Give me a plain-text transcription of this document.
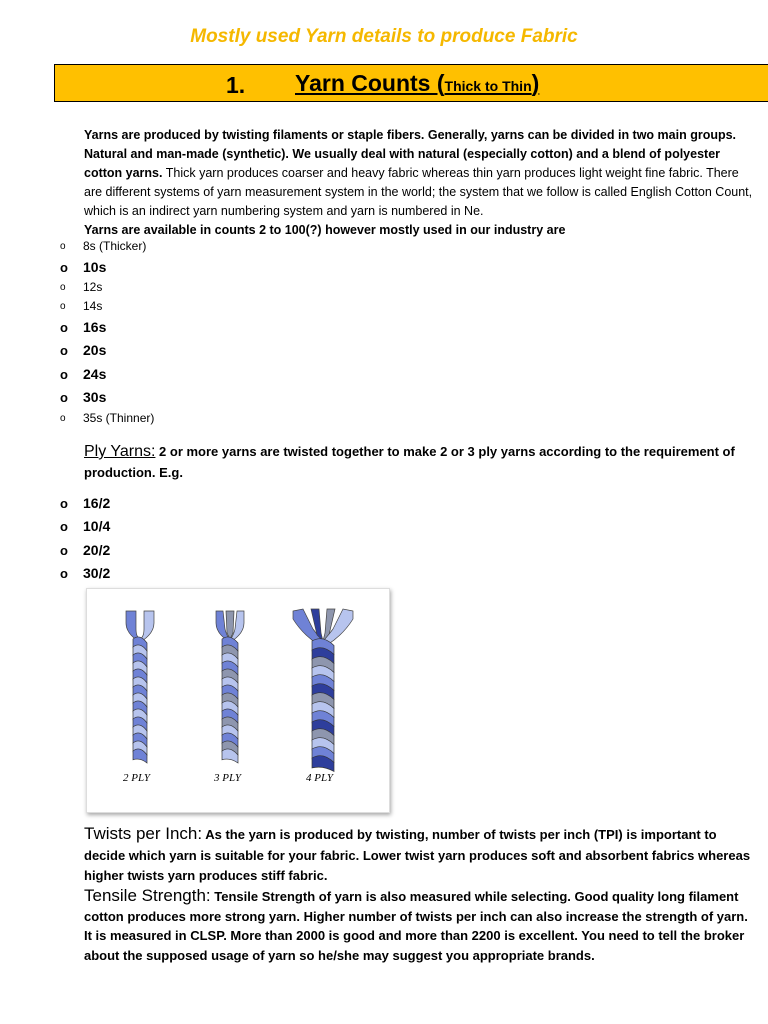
Mostly used Yarn details to produce Fabric
1. Yarn Counts (Thick to Thin)
Yarns are produced by twisting filaments or staple fibers. Generally, yarns can be divided in two main groups. Natural and man-made (synthetic). We usually deal with natural (especially cotton) and a blend of polyester cotton yarns. Thick yarn produces coarser and heavy fabric whereas thin yarn produces light weight fine fabric. There are different systems of yarn measurement system in the world; the system that we follow is called English Cotton Count, which is an indirect yarn numbering system and yarn is numbered in Ne.
Yarns are available in counts 2 to 100(?) however mostly used in our industry are
o 8s (Thicker)
o 10s
o 12s
o 14s
o 16s
o 20s
o 24s
o 30s
o 35s (Thinner)
Ply Yarns: 2 or more yarns are twisted together to make 2 or 3 ply yarns according to the requirement of production. E.g.
o 16/2
o 10/4
o 20/2
o 30/2
2 PLY	3 PLY	4 PLY
Twists per Inch: As the yarn is produced by twisting, number of twists per inch (TPI) is important to decide which yarn is suitable for your fabric. Lower twist yarn produces soft and absorbent fabrics whereas higher twists yarn produces stiff fabric.
Tensile Strength: Tensile Strength of yarn is also measured while selecting. Good quality long filament cotton produces more strong yarn. Higher number of twists per inch can also increase the strength of yarn. It is measured in CLSP. More than 2000 is good and more than 2200 is excellent. You need to tell the broker about the supposed usage of yarn so he/she may suggest you appropriate brands.
